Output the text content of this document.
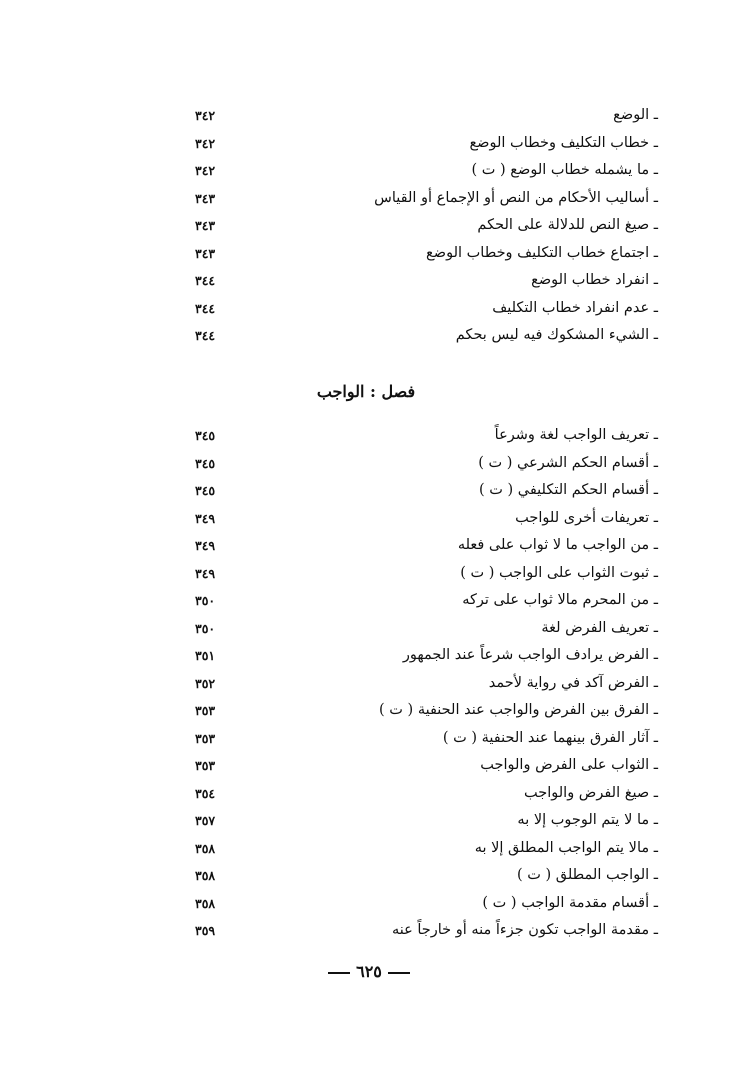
ـ الوضع
٣٤٢
ـ خطاب التكليف وخطاب الوضع
٣٤٢
ـ ما يشمله خطاب الوضع ( ت )
٣٤٢
ـ أساليب الأحكام من النص أو الإجماع أو القياس
٣٤٣
ـ صيغ النص للدلالة على الحكم
٣٤٣
ـ اجتماع خطاب التكليف وخطاب الوضع
٣٤٣
ـ انفراد خطاب الوضع
٣٤٤
ـ عدم انفراد خطاب التكليف
٣٤٤
ـ الشيء المشكوك فيه ليس بحكم
٣٤٤
فصل : الواجب
ـ تعريف الواجب لغة وشرعاً
٣٤٥
ـ أقسام الحكم الشرعي ( ت )
٣٤٥
ـ أقسام الحكم التكليفي ( ت )
٣٤٥
ـ تعريفات أخرى للواجب
٣٤٩
ـ من الواجب ما لا ثواب على فعله
٣٤٩
ـ ثبوت الثواب على الواجب ( ت )
٣٤٩
ـ من المحرم مالا ثواب على تركه
٣٥٠
ـ تعريف الفرض لغة
٣٥٠
ـ الفرض يرادف الواجب شرعاً عند الجمهور
٣٥١
ـ الفرض آكد في رواية لأحمد
٣٥٢
ـ الفرق بين الفرض والواجب عند الحنفية ( ت )
٣٥٣
ـ آثار الفرق بينهما عند الحنفية ( ت )
٣٥٣
ـ الثواب على الفرض والواجب
٣٥٣
ـ صيغ الفرض والواجب
٣٥٤
ـ ما لا يتم الوجوب إلا به
٣٥٧
ـ مالا يتم الواجب المطلق إلا به
٣٥٨
ـ الواجب المطلق ( ت )
٣٥٨
ـ أقسام مقدمة الواجب ( ت )
٣٥٨
ـ مقدمة الواجب تكون جزءاً منه أو خارجاً عنه
٣٥٩
٦٢٥
